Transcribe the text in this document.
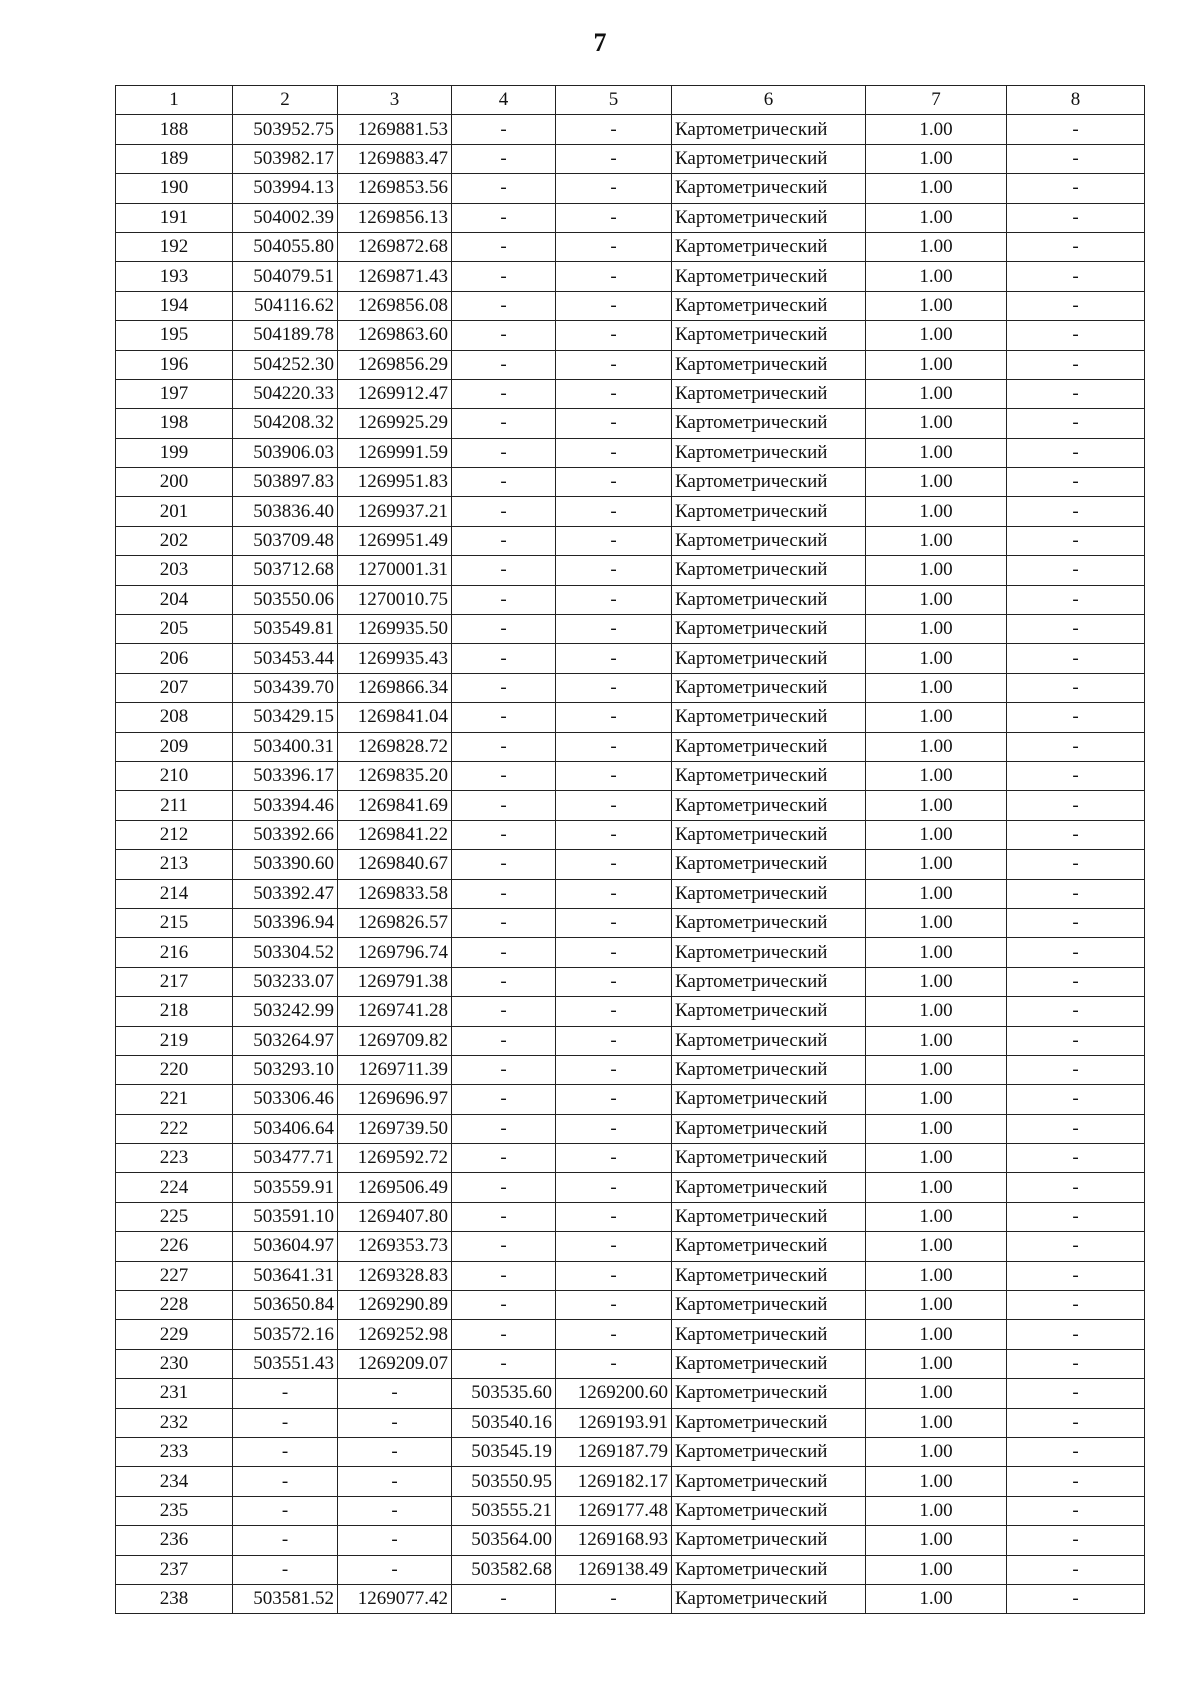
7
1	2	3	4	5	6	7	8
188	503952.75	1269881.53	-	-	Картометрический	1.00	-
189	503982.17	1269883.47	-	-	Картометрический	1.00	-
190	503994.13	1269853.56	-	-	Картометрический	1.00	-
191	504002.39	1269856.13	-	-	Картометрический	1.00	-
192	504055.80	1269872.68	-	-	Картометрический	1.00	-
193	504079.51	1269871.43	-	-	Картометрический	1.00	-
194	504116.62	1269856.08	-	-	Картометрический	1.00	-
195	504189.78	1269863.60	-	-	Картометрический	1.00	-
196	504252.30	1269856.29	-	-	Картометрический	1.00	-
197	504220.33	1269912.47	-	-	Картометрический	1.00	-
198	504208.32	1269925.29	-	-	Картометрический	1.00	-
199	503906.03	1269991.59	-	-	Картометрический	1.00	-
200	503897.83	1269951.83	-	-	Картометрический	1.00	-
201	503836.40	1269937.21	-	-	Картометрический	1.00	-
202	503709.48	1269951.49	-	-	Картометрический	1.00	-
203	503712.68	1270001.31	-	-	Картометрический	1.00	-
204	503550.06	1270010.75	-	-	Картометрический	1.00	-
205	503549.81	1269935.50	-	-	Картометрический	1.00	-
206	503453.44	1269935.43	-	-	Картометрический	1.00	-
207	503439.70	1269866.34	-	-	Картометрический	1.00	-
208	503429.15	1269841.04	-	-	Картометрический	1.00	-
209	503400.31	1269828.72	-	-	Картометрический	1.00	-
210	503396.17	1269835.20	-	-	Картометрический	1.00	-
211	503394.46	1269841.69	-	-	Картометрический	1.00	-
212	503392.66	1269841.22	-	-	Картометрический	1.00	-
213	503390.60	1269840.67	-	-	Картометрический	1.00	-
214	503392.47	1269833.58	-	-	Картометрический	1.00	-
215	503396.94	1269826.57	-	-	Картометрический	1.00	-
216	503304.52	1269796.74	-	-	Картометрический	1.00	-
217	503233.07	1269791.38	-	-	Картометрический	1.00	-
218	503242.99	1269741.28	-	-	Картометрический	1.00	-
219	503264.97	1269709.82	-	-	Картометрический	1.00	-
220	503293.10	1269711.39	-	-	Картометрический	1.00	-
221	503306.46	1269696.97	-	-	Картометрический	1.00	-
222	503406.64	1269739.50	-	-	Картометрический	1.00	-
223	503477.71	1269592.72	-	-	Картометрический	1.00	-
224	503559.91	1269506.49	-	-	Картометрический	1.00	-
225	503591.10	1269407.80	-	-	Картометрический	1.00	-
226	503604.97	1269353.73	-	-	Картометрический	1.00	-
227	503641.31	1269328.83	-	-	Картометрический	1.00	-
228	503650.84	1269290.89	-	-	Картометрический	1.00	-
229	503572.16	1269252.98	-	-	Картометрический	1.00	-
230	503551.43	1269209.07	-	-	Картометрический	1.00	-
231	-	-	503535.60	1269200.60	Картометрический	1.00	-
232	-	-	503540.16	1269193.91	Картометрический	1.00	-
233	-	-	503545.19	1269187.79	Картометрический	1.00	-
234	-	-	503550.95	1269182.17	Картометрический	1.00	-
235	-	-	503555.21	1269177.48	Картометрический	1.00	-
236	-	-	503564.00	1269168.93	Картометрический	1.00	-
237	-	-	503582.68	1269138.49	Картометрический	1.00	-
238	503581.52	1269077.42	-	-	Картометрический	1.00	-
